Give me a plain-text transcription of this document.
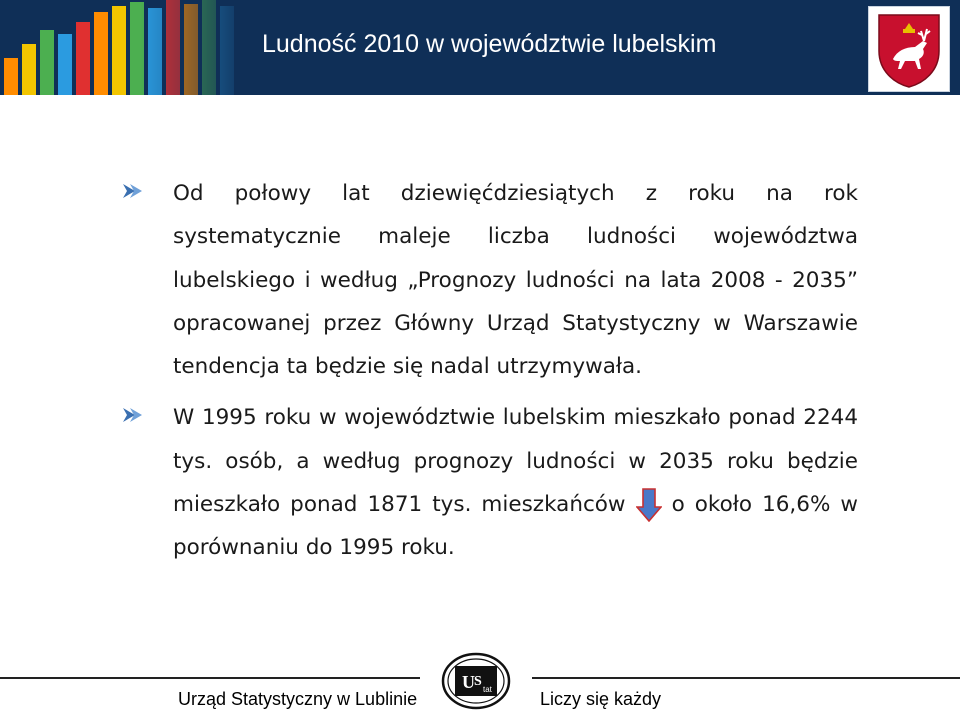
Ludność 2010 w województwie lubelskim

Od połowy lat dziewięćdziesiątych z roku na rok systematycznie maleje liczba ludności województwa lubelskiego i według „Prognozy ludności na lata 2008 - 2035” opracowanej przez Główny Urząd Statystyczny w Warszawie tendencja ta będzie się nadal utrzymywała.

W 1995 roku w województwie lubelskim mieszkało ponad 2244 tys. osób, a według prognozy ludności w 2035 roku będzie mieszkało ponad 1871 tys. mieszkańców o około 16,6% w porównaniu do 1995 roku.

U S
tat
Urząd Statystyczny w Lublinie	Liczy się każdy
